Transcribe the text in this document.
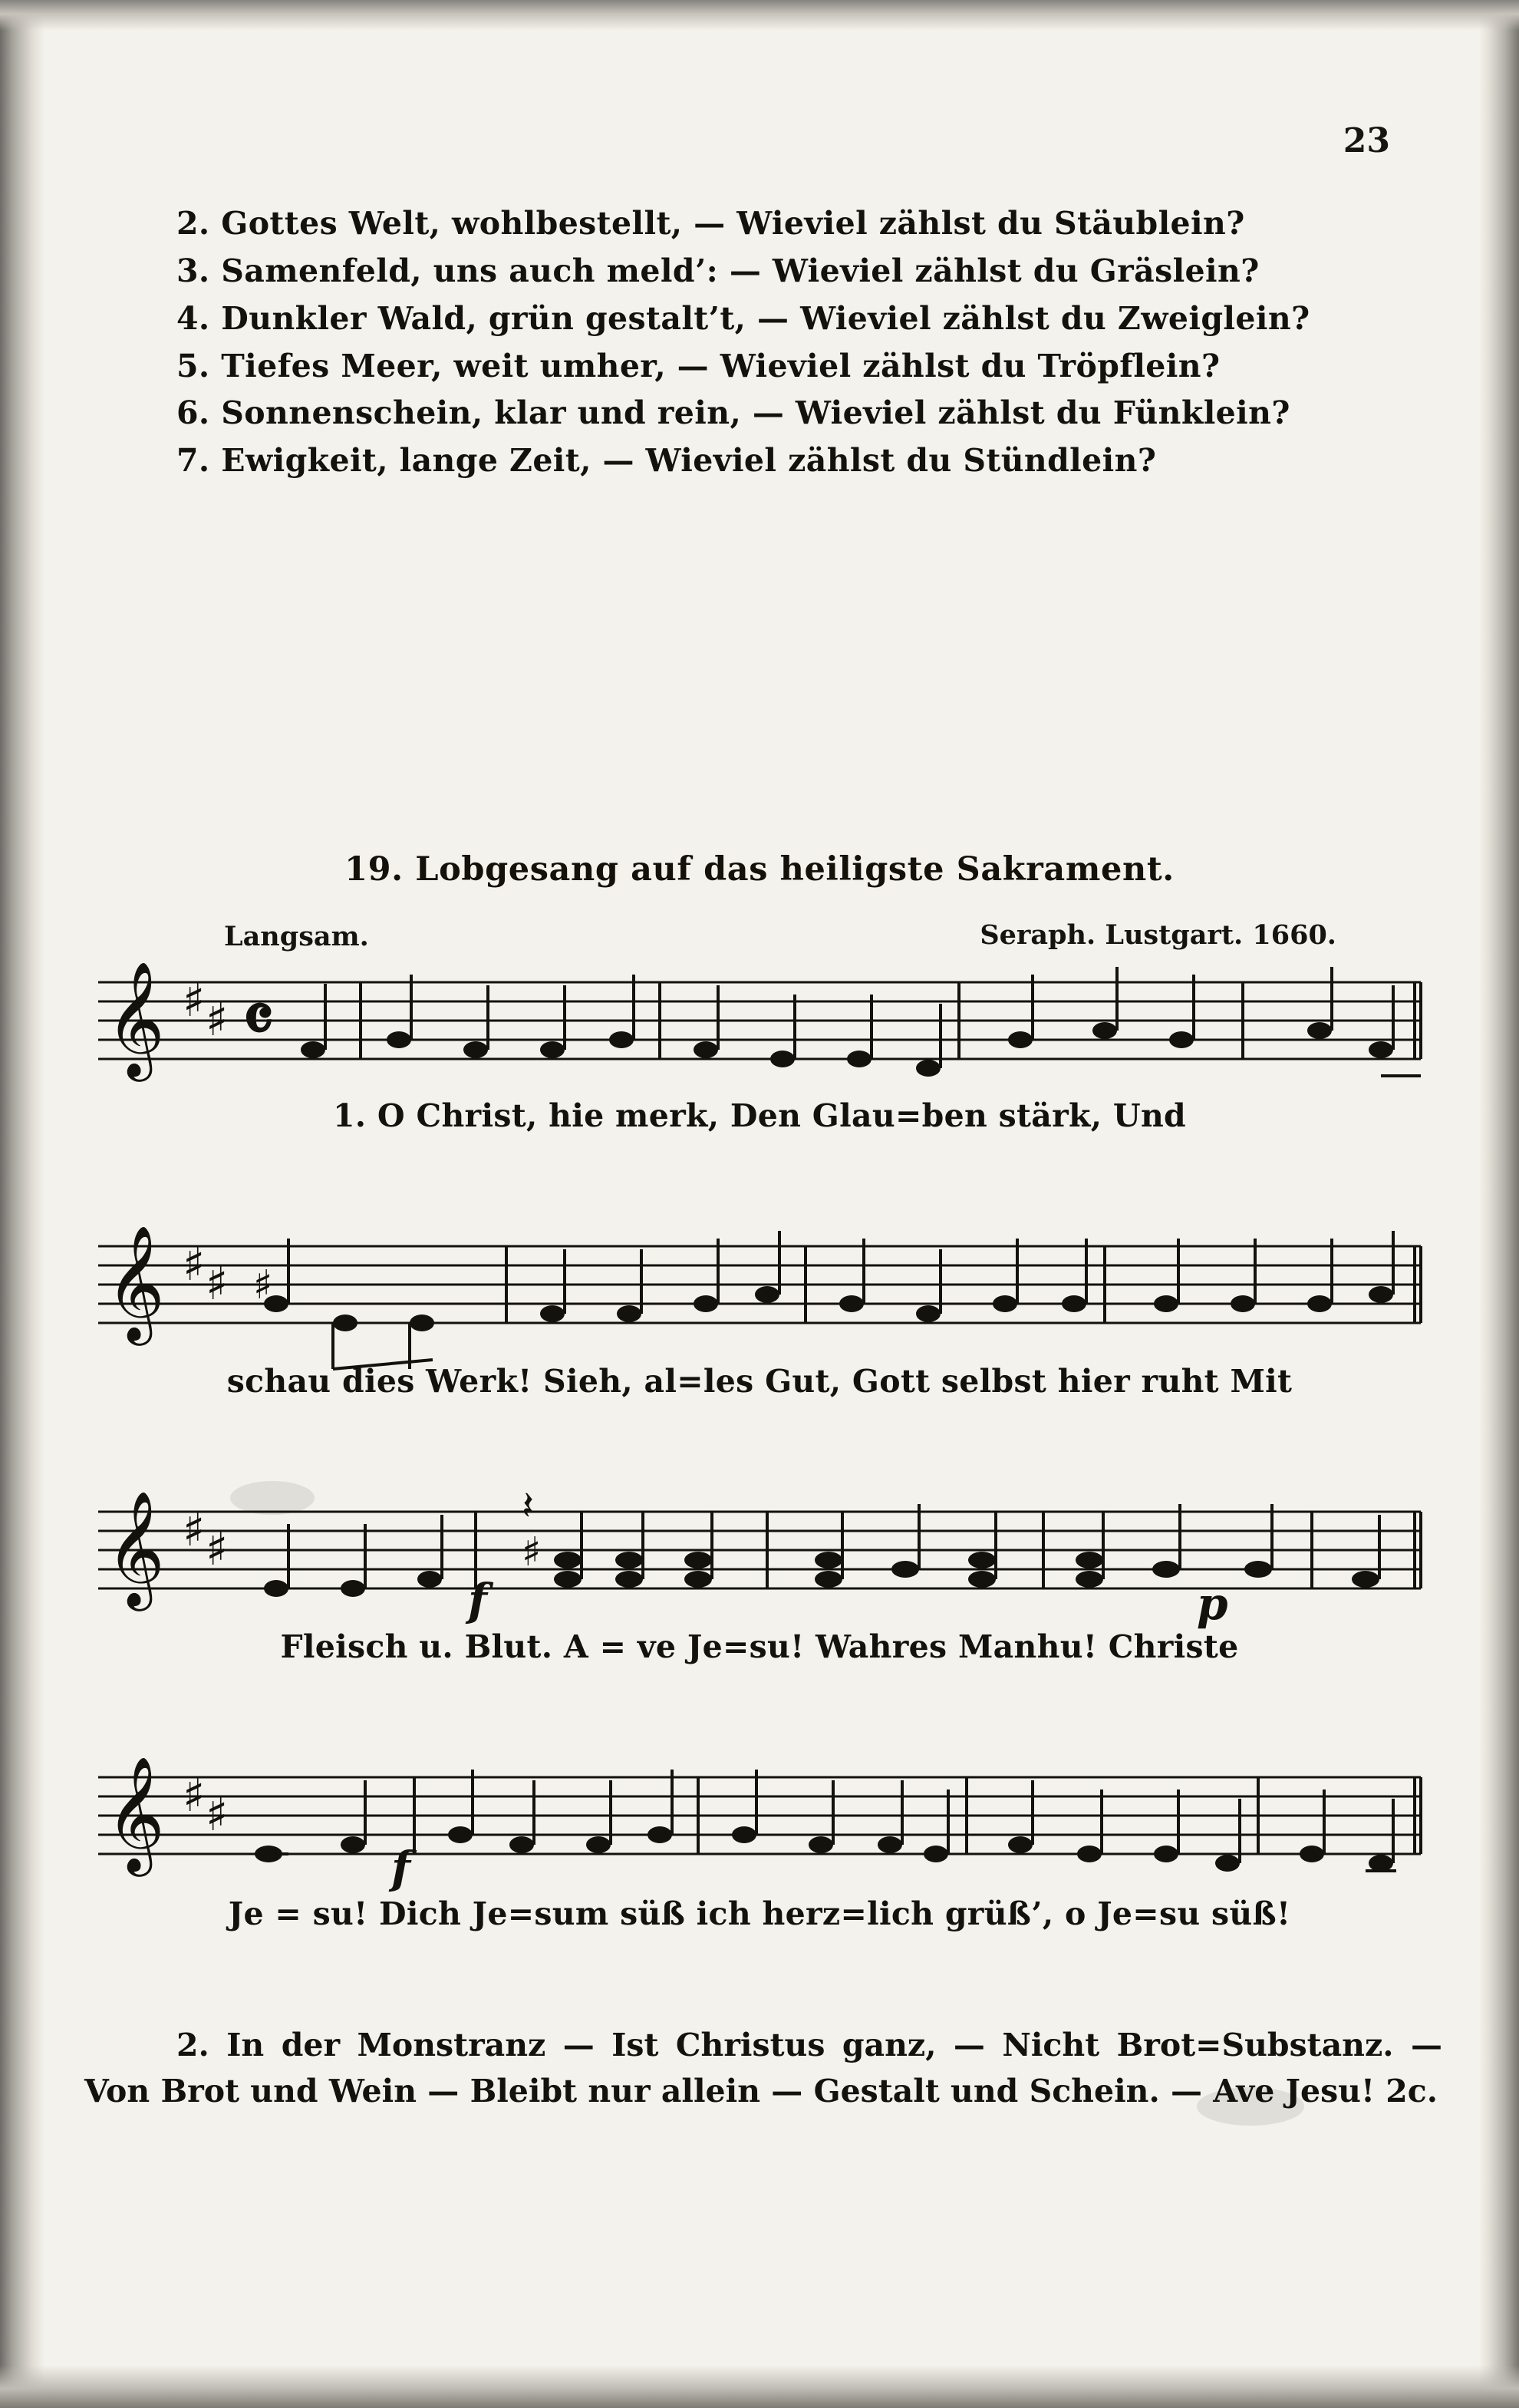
23

2. Gottes Welt, wohlbestellt, — Wieviel zählst du Stäublein?

3. Samenfeld, uns auch meld’: — Wieviel zählst du Gräslein?

4. Dunkler Wald, grün gestalt’t, — Wieviel zählst du Zweiglein?

5. Tiefes Meer, weit umher, — Wieviel zählst du Tröpflein?

6. Sonnenschein, klar und rein, — Wieviel zählst du Fünklein?

7. Ewigkeit, lange Zeit, — Wieviel zählst du Stündlein?

19. Lobgesang auf das heiligste Sakrament.
Langsam.	Seraph. Lustgart. 1660.
𝄞 ♯ ♯ 𝄴
1. O Christ, hie merk, Den Glau=ben stärk, Und
𝄞 ♯ ♯ ♯
schau dies Werk! Sieh, al=les Gut, Gott selbst hier ruht Mit
𝄞 ♯ ♯
f	p
♯
𝄽
Fleisch u. Blut. A = ve Je=su! Wahres Manhu! Christe
𝄞 ♯ ♯
f
Je = su! Dich Je=sum süß ich herz=lich grüß’, o Je=su süß!
2. In der Monstranz — Ist Christus ganz, — Nicht Brot=Substanz. — Von Brot und Wein — Bleibt nur allein — Gestalt und Schein. — Ave Jesu! 2c.
